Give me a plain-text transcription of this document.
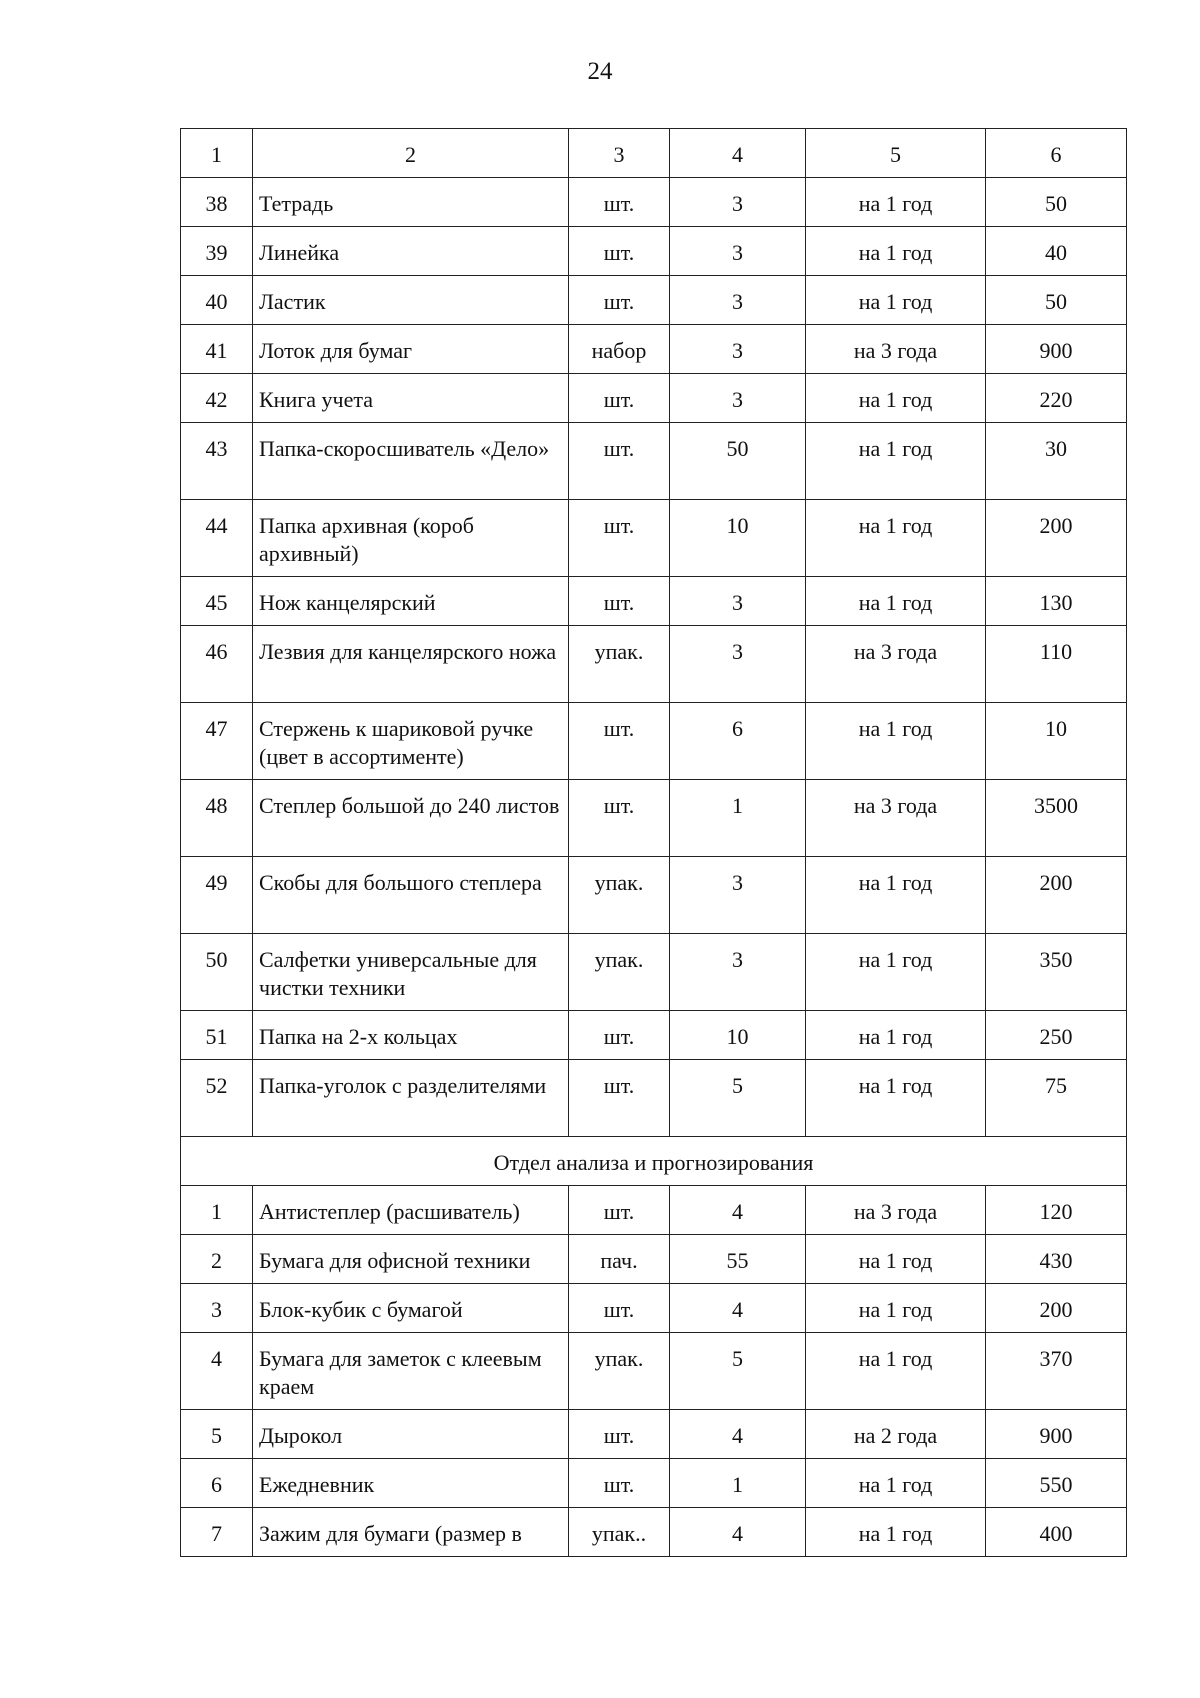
24
1	2	3	4	5	6
38	Тетрадь	шт.	3	на 1 год	50
39	Линейка	шт.	3	на 1 год	40
40	Ластик	шт.	3	на 1 год	50
41	Лоток для бумаг	набор	3	на 3 года	900
42	Книга учета	шт.	3	на 1 год	220
43	Папка-скоросшиватель «Дело»	шт.	50	на 1 год	30
44	Папка архивная (короб архивный)	шт.	10	на 1 год	200
45	Нож канцелярский	шт.	3	на 1 год	130
46	Лезвия для канцелярского ножа	упак.	3	на 3 года	110
47	Стержень к шариковой ручке (цвет в ассортименте)	шт.	6	на 1 год	10
48	Степлер большой до 240 листов	шт.	1	на 3 года	3500
49	Скобы для большого степлера	упак.	3	на 1 год	200
50	Салфетки универсальные для чистки техники	упак.	3	на 1 год	350
51	Папка на 2-х кольцах	шт.	10	на 1 год	250
52	Папка-уголок с разделителями	шт.	5	на 1 год	75
Отдел анализа и прогнозирования					
1	Антистеплер (расшиватель)	шт.	4	на 3 года	120
2	Бумага для офисной техники	пач.	55	на 1 год	430
3	Блок-кубик с бумагой	шт.	4	на 1 год	200
4	Бумага для заметок с клеевым краем	упак.	5	на 1 год	370
5	Дырокол	шт.	4	на 2 года	900
6	Ежедневник	шт.	1	на 1 год	550
7	Зажим для бумаги (размер в	упак..	4	на 1 год	400
